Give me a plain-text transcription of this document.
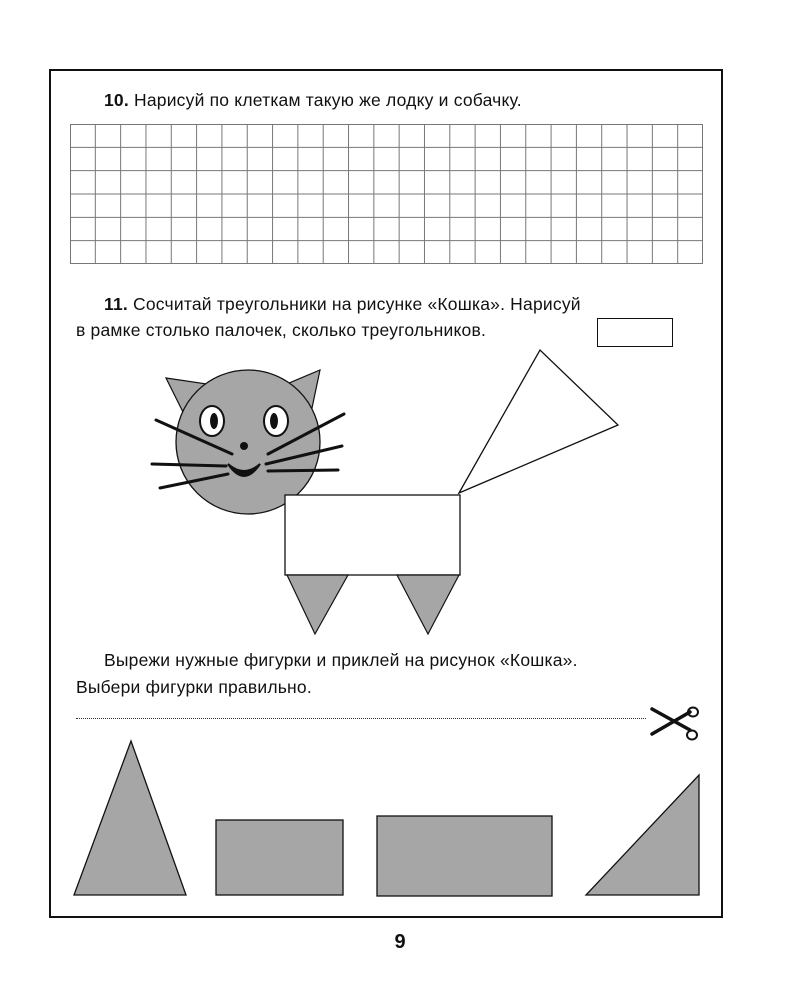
10. Нарисуй по клеткам такую же лодку и собачку.
11. Сосчитай треугольники на рисунке «Кошка». Нарисуй
в рамке столько палочек, сколько треугольников.
Вырежи нужные фигурки и приклей на рисунок «Кошка».
Выбери фигурки правильно.
9
